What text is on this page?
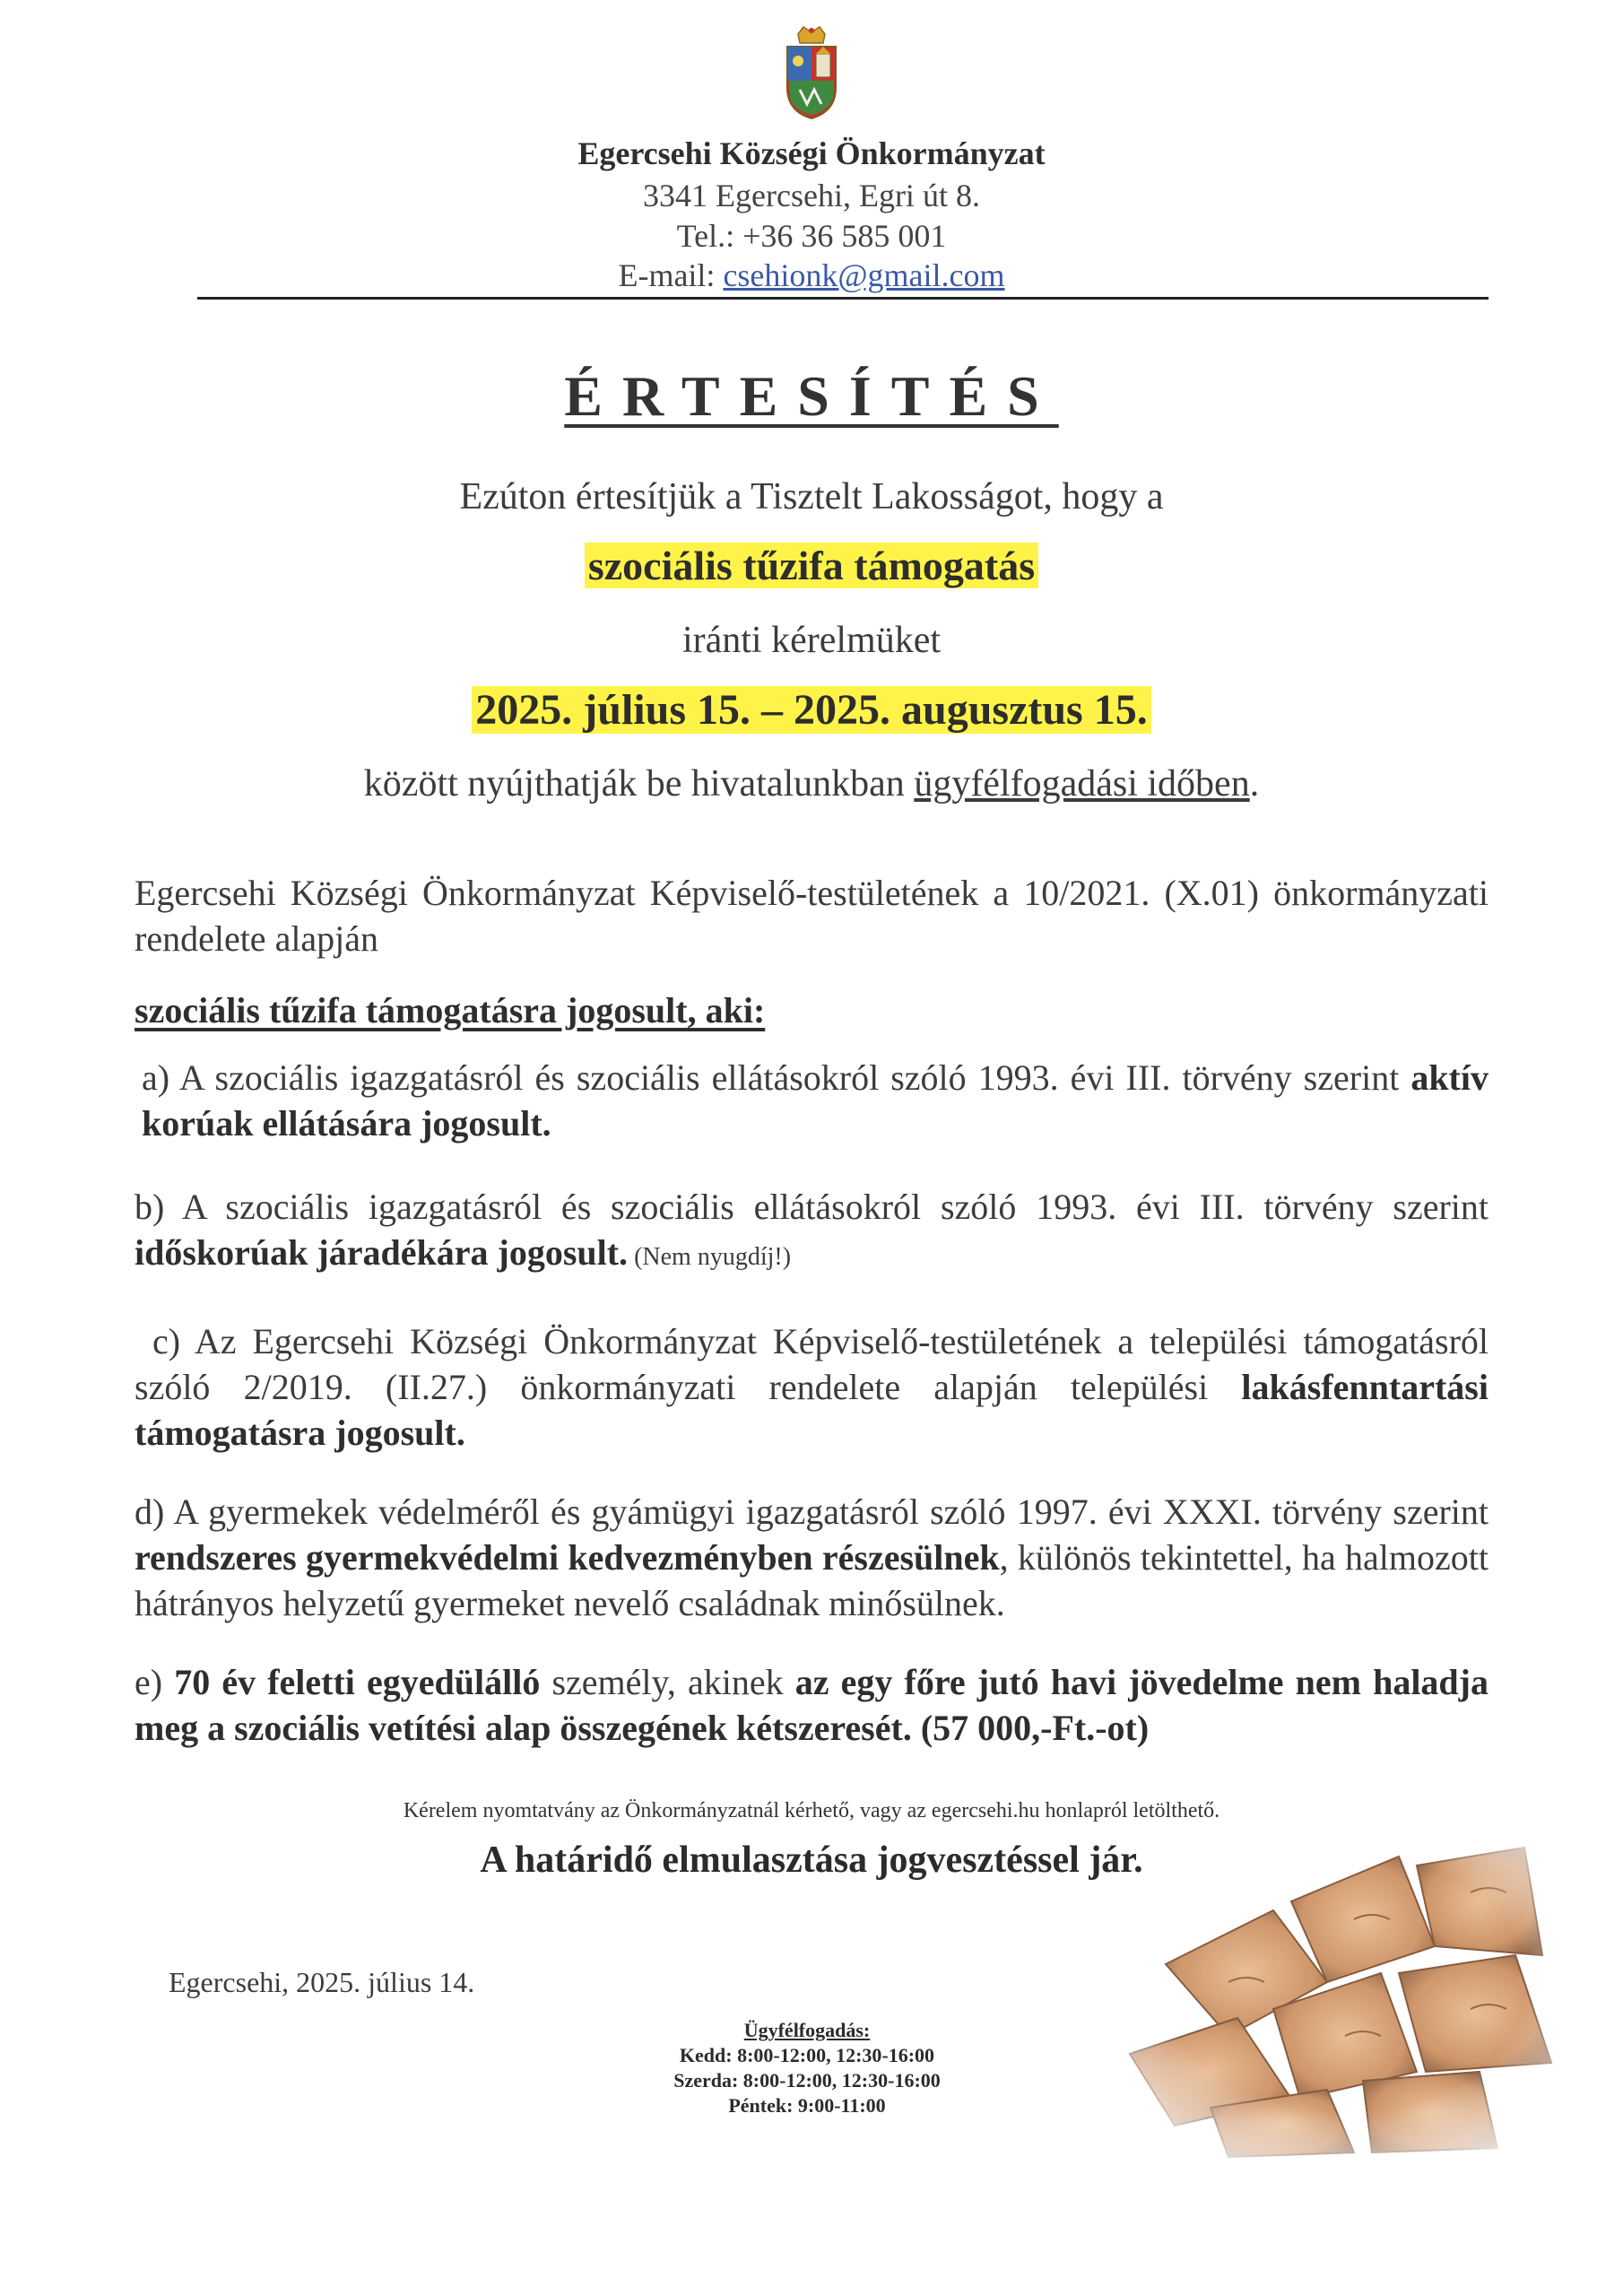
Egercsehi Községi Önkormányzat
3341 Egercsehi, Egri út 8.
Tel.: +36 36 585 001
E-mail: csehionk@gmail.com
ÉRTESÍTÉS
Ezúton értesítjük a Tisztelt Lakosságot, hogy a
szociális tűzifa támogatás
iránti kérelmüket
2025. július 15. – 2025. augusztus 15.
között nyújthatják be hivatalunkban ügyfélfogadási időben.
Egercsehi Községi Önkormányzat Képviselő-testületének a 10/2021. (X.01) önkormányzati rendelete alapján
szociális tűzifa támogatásra jogosult, aki:
a) A szociális igazgatásról és szociális ellátásokról szóló 1993. évi III. törvény szerint aktív korúak ellátására jogosult.
b) A szociális igazgatásról és szociális ellátásokról szóló 1993. évi III. törvény szerint időskorúak járadékára jogosult. (Nem nyugdíj!)
c) Az Egercsehi Községi Önkormányzat Képviselő-testületének a települési támogatásról szóló 2/2019. (II.27.) önkormányzati rendelete alapján települési lakásfenntartási támogatásra jogosult.
d) A gyermekek védelméről és gyámügyi igazgatásról szóló 1997. évi XXXI. törvény szerint rendszeres gyermekvédelmi kedvezményben részesülnek, különös tekintettel, ha halmozott hátrányos helyzetű gyermeket nevelő családnak minősülnek.
e) 70 év feletti egyedülálló személy, akinek az egy főre jutó havi jövedelme nem haladja meg a szociális vetítési alap összegének kétszeresét. (57 000,-Ft.-ot)
Kérelem nyomtatvány az Önkormányzatnál kérhető, vagy az egercsehi.hu honlapról letölthető.
A határidő elmulasztása jogvesztéssel jár.
Egercsehi, 2025. július 14.
Ügyfélfogadás:
Kedd: 8:00-12:00, 12:30-16:00
Szerda: 8:00-12:00, 12:30-16:00
Péntek: 9:00-11:00
